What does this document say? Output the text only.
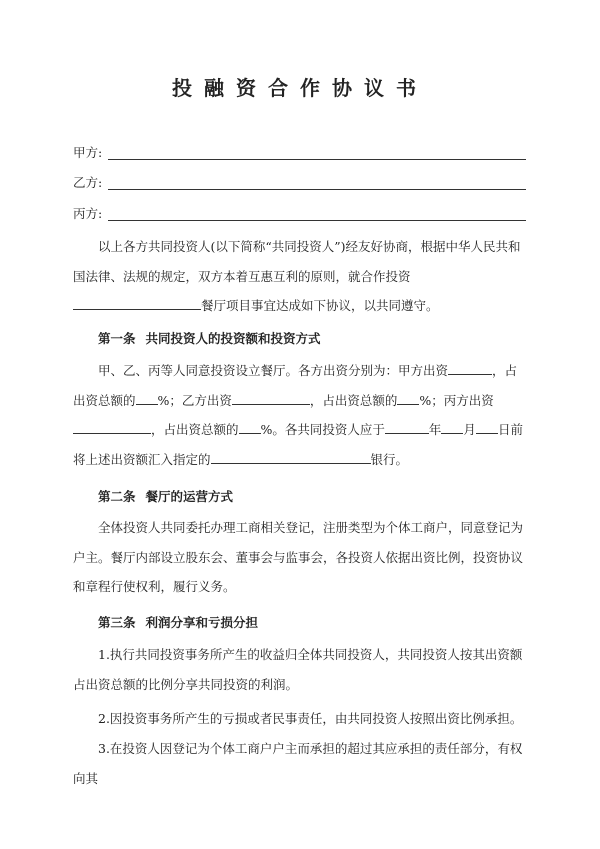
投融资合作协议书
甲方:
乙方:
丙方:

以上各方共同投资人(以下简称“共同投资人”)经友好协商，根据中华人民共和国法律、法规的规定，双方本着互惠互利的原则，就合作投资餐厅项目事宜达成如下协议，以共同遵守。

第一条 共同投资人的投资额和投资方式

甲、乙、丙等人同意投资设立餐厅。各方出资分别为：甲方出资	，占出资总额的 %；乙方出资	，占出资总额的 %；丙方出资，占出资总额的 %。各共同投资人应于	年 月 日前将上述出资额汇入指定的	银行。

第二条 餐厅的运营方式

全体投资人共同委托办理工商相关登记，注册类型为个体工商户，同意登记为户主。餐厅内部设立股东会、董事会与监事会，各投资人依据出资比例，投资协议和章程行使权利，履行义务。

第三条 利润分享和亏损分担

1.执行共同投资事务所产生的收益归全体共同投资人，共同投资人按其出资额占出资总额的比例分享共同投资的利润。

2.因投资事务所产生的亏损或者民事责任，由共同投资人按照出资比例承担。

3.在投资人因登记为个体工商户户主而承担的超过其应承担的责任部分，有权向其
